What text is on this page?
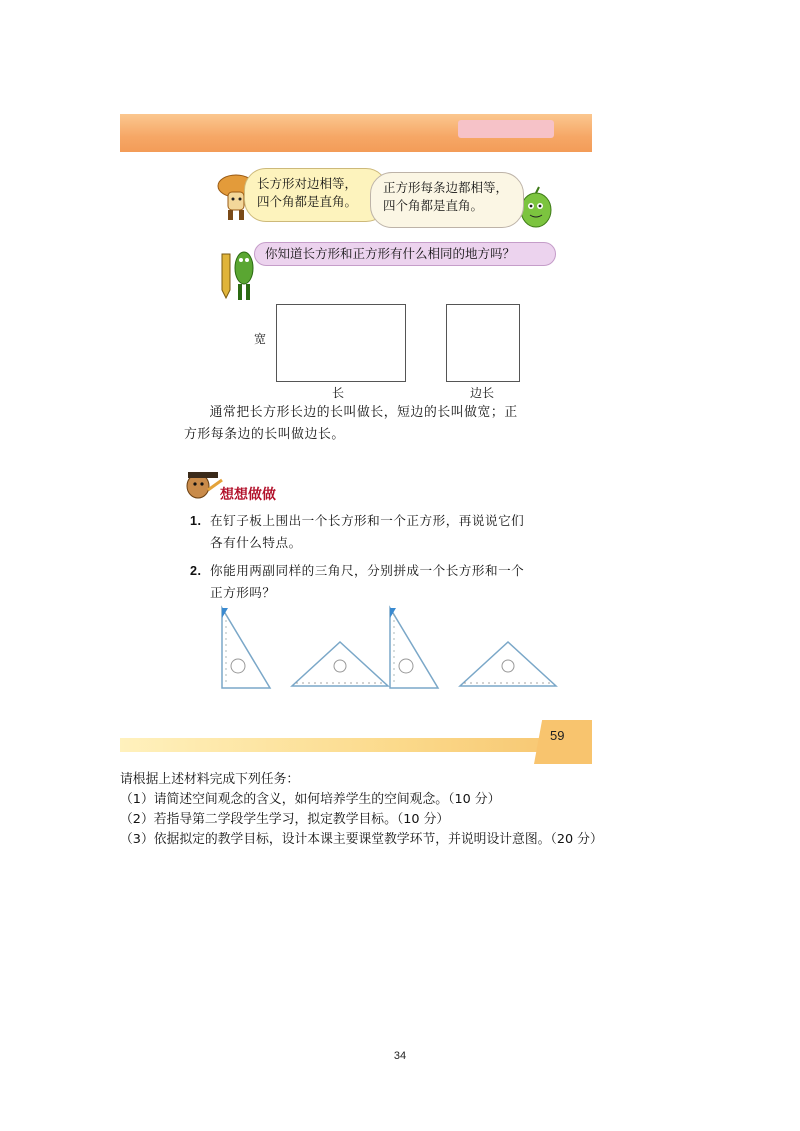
长方形对边相等，
四个角都是直角。
正方形每条边都相等，
四个角都是直角。
你知道长方形和正方形有什么相同的地方吗？
宽
长	边长
通常把长方形长边的长叫做长，短边的长叫做宽；正
方形每条边的长叫做边长。
想想做做
1. 在钉子板上围出一个长方形和一个正方形，再说说它们
各有什么特点。
2. 你能用两副同样的三角尺，分别拼成一个长方形和一个
正方形吗？
59
请根据上述材料完成下列任务：
（1）请简述空间观念的含义，如何培养学生的空间观念。（10 分）
（2）若指导第二学段学生学习，拟定教学目标。（10 分）
（3）依据拟定的教学目标，设计本课主要课堂教学环节，并说明设计意图。（20 分）
34
